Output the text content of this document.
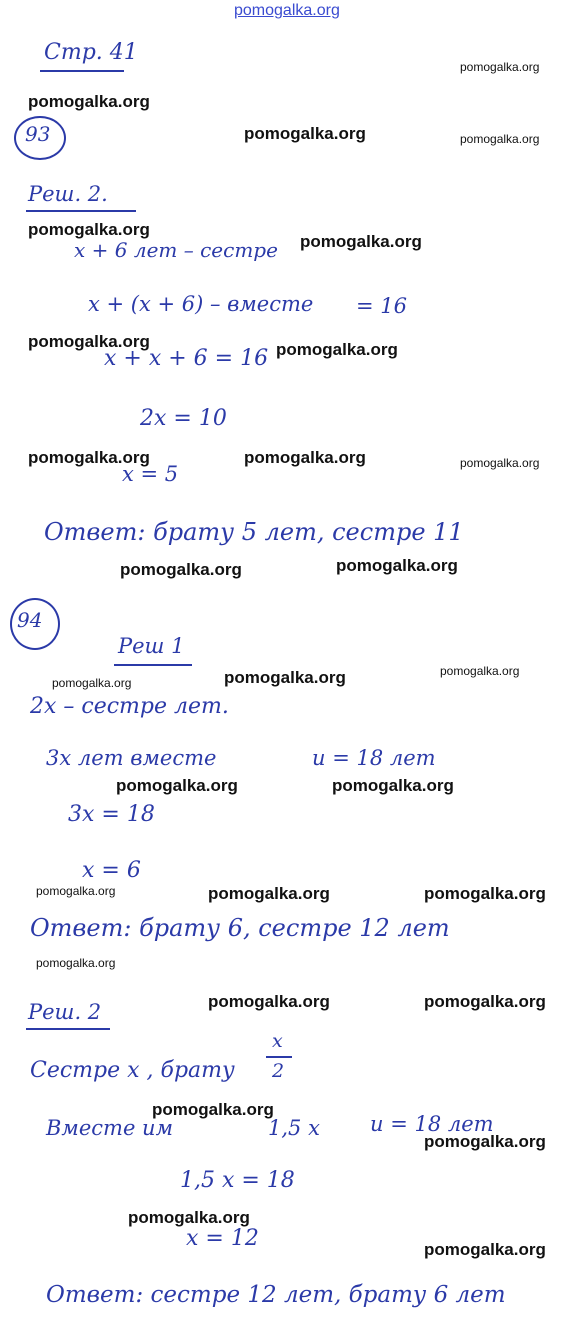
pomogalka.org
Стр. 41
93
Реш. 2.
x + 6 лет – сестре
x + (x + 6) – вместе = 16
x + x + 6 = 16
2x = 10
x = 5
Ответ: брату 5 лет, сестре 11
94
Реш 1
2x – сестре лет.
3x лет вместе	и = 18 лет
3x = 18
x = 6
Ответ: брату 6, сестре 12 лет
Реш. 2
Сестре x , брату
x
2
Вместе им	1,5 x и = 18 лет
1,5 x = 18
x = 12
Ответ: сестре 12 лет, брату 6 лет
pomogalka.org
pomogalka.org
pomogalka.org	pomogalka.org
pomogalka.org
pomogalka.org
pomogalka.org	pomogalka.org
pomogalka.org	pomogalka.org	pomogalka.org
pomogalka.org	pomogalka.org
pomogalka.org
pomogalka.org	pomogalka.org
pomogalka.org	pomogalka.org
pomogalka.org	pomogalka.org	pomogalka.org
pomogalka.org
pomogalka.org	pomogalka.org
pomogalka.org
pomogalka.org
pomogalka.org
pomogalka.org
